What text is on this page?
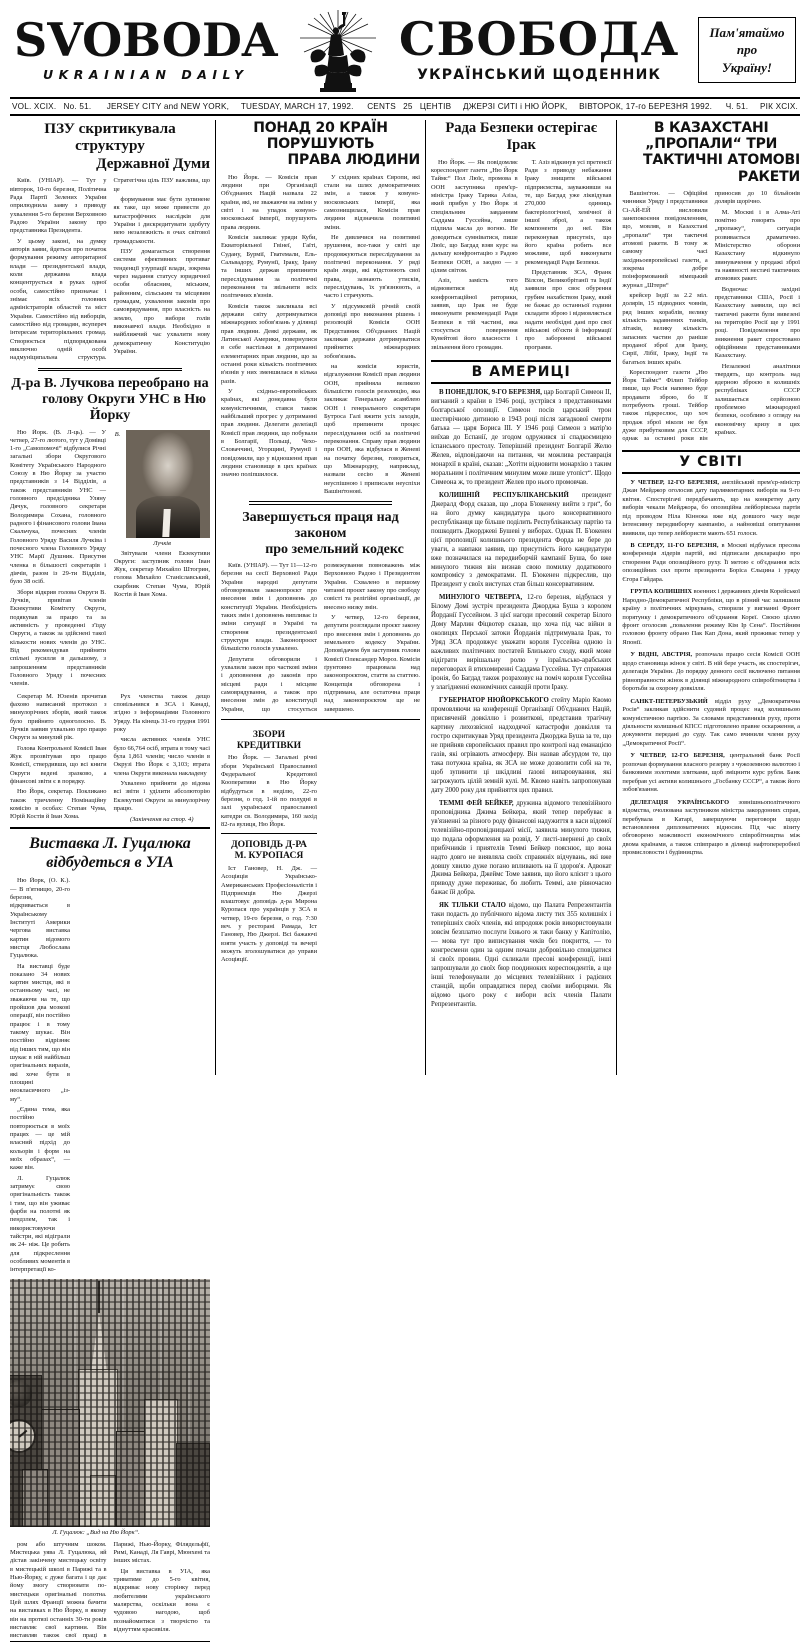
SVOBODA
UKRAINIAN DAILY
СВОБОДА
УКРАЇНСЬКИЙ ЩОДЕННИК
Пам'ятаймо
про
Україну!
VOL. XCIX. No. 51. JERSEY CITY and NEW YORK, TUESDAY, MARCH 17, 1992. CENTS 25 ЦЕНТІВ ДЖЕРЗІ СИТІ і НЮ ЙОРК, ВІВТОРОК, 17-го БЕРЕЗНЯ 1992. Ч. 51. РІК XCIX.
ПЗУ скритикувала структуру
Державної Думи

Київ. (УНІАР). — Тут у вівторок, 10-го березня, Політична Рада Партії Зелених України оприлюднила заяву з приводу ухвалення 5-го березня Верховною Радою України закону про представника Президента.

У цьому законі, на думку авторів заяви, йдеться про початок формування режиму авторитарної влади — президентської влади, коли державна влада концентрується в руках одної особи, самостійно призначає і знімає всіх головних адміністраторів областей та міст України. Самостійно від виборців, самостійно від громадян, всупереч інтересам територіяльних громад. Створюється підпорядкована виключно одній особі надмуніципальна структура. Стратегічна ціль ПЗУ важлива, що це

формування має бути зупинене як таке, що може привести до катастрофічних наслідків для України і дискредитувати здобуту нею незалежність в очах світової громадськости.

ПЗУ домагається створення системи ефективних противаг тенденції узурпації влади, зокрема через надання статусу юридичної особи обласним, міським, районним, сільським та місцевим громадам, ухвалення законів про самоврядування, про власність на землю, про вибори голів виконавчої влади. Необхідно в найближчий час ухвалити нову демократичну Конституцію України.

Д-ра В. Лучкова переобрано на
голову Округи УНС в Ню Йорку

Ню Йорк. (В. Л-ць). — У четвер, 27-го лютого, тут у Домівці 1-го „Самопомочі“ відбулися Річні загальні збори Округового Комітету Українського Народного Союзу в Ню Йорку за участю представників з 14 Відділів, а також представників УНС — головного предсідника Уляну Дячук, головного секретаря Володимира Сохана, головного радного і фінансового голови Івана Скальчука, почесних членів Головного Уряду Василя Лучківа і почесного члена Головного Уряду УНС Марії Душник. Присутня членка в більшості секретарів і діячів, разом із 29-ти Відділів, було 38 осіб.

Збори відкрив голова Округи В. Лучків, привітав членів Екзекутиви Комітету Округи, подякував за працю та за активність у проведенні з'їзду Округи, а також за здійснені такої кількости нових членів до УНС. Від рекомендував прийняти спільні зусилля в дальшому, з запрошенням представників Головного Уряду і почесних членів.

В. Лучків

Звітували члени Екзекутиви Округи: заступник голови Іван Жук, секретар Михайло Штогрин, голова Михайло Станіславський, скарбник Степан Чума, Юрій Костів й Іван Хома.

Секретар М. Юзенів прочитав фахово написаний протокол з минулорічних зборів, який також було прийнято одноголосно. В. Лучків заявив ухвально про працю Округи за минулий рік.

Голова Контрольної Комісії Іван Жук прозвітував про працю Комісії, ствердивши, що всі книги Округи ведені зразково, а фінансові звіти є в порядку.

Ню Йорк, секретар. Покликано також тричленну Номінаційну комісію в особах: Степан Чума, Юрій Костів й Іван Хома.

Рух членства також дещо сповільнився в ЗСА і Канаді, згідно з інформаціями Головного Уряду. На кінець 31-го грудня 1991 року

числа активних членів УНС було 66,764 осіб, втрата в тому часі була 1,861 членів; число членів в Окрузі Ню Йорк є 3,103; втрата члена Округи виконала накладену

Ухвалено прийняти до відома всі звіти і уділити абсолюторію Екзекутиві Округи за минулорічну працю.

(Закінчення на стор. 4)

Виставка Л. Гуцалюка відбудеться в УІА

Ню Йорк, (О. К.). — В п'ятницю, 20-го березня, відкривається в Українському Інституті Америки чергова виставка картин відомого мистця Любослава Гуцалюка.

На виставці буде показано 34 нових картин мистця, які в останньому часі, не зважаючи на те, що пройшов два мозкові операції, він постійно працює і в тому такому шукає. Він постійно відрізняє від інших тим, що він шукає в ній найбільш оригінальних виразів, які хоче бути в площині неокласичного „із- му“.

„Єдина тема, яка постійно повторюється в моїх працях — це мій власний підхід до кольорів і форм на моїх образах“, — каже він.

Л. Гуцалюк затримує свою оригінальність також і тим, що він уживає фарби на полотні як пендзлем, так і використовуючи тайстри, які відіграли як 24- ніж. Це робить для підкреслення особливих моментів в інтерпретації ко-

Л. Гуцалюк: „Вид на Ню Йорк“.

ром або штучним шоком. Мистецька уява Л. Гуцалюка, яй дістав закінчену мистецьку освіту в мистецькій школі в Парижі та в Нью-Йорку, є дуже багата і це дає йому змогу створювати по-мистецьки оригінальні полотна. Цей шлях Франції можна бачити на виставках в Ню Йорку, в якому він на протязі останніх 30-ти років виставляє свої картини. Він виставляв також свої праці в Парижі, Нью-Йорку, Філядельфії, Римі, Канаді, Ля Гаврі, Мюнхені та інших містах.

Ця виставка в УІА, яка триватиме до 5-го квітня, відкриває нову сторінку перед любителями українського малярства, оскільки вона є чудовою нагодою, щоб познайомитися з творчістю та віднуттям красивіля.

ПОНАД 20 КРАЇН ПОРУШУЮТЬ
ПРАВА ЛЮДИНИ

Ню Йорк. — Комісія прав людини при Організації Об'єднаних Націй назвала 22 країни, які, не зважаючи на зміни у світі і на упадок комуно-московської імперії, порушують права людини.

Комісія закликає уряди Куби, Екваторіяльної Гвінеї, Гаїті, Судану, Бурмії, Гватемали, Ель-Сальвадору, Румунії, Іраку, Ірану та інших держав припинити переслідування за політичні переконання та звільнити всіх політичних в'язнів.

Комісія також закликала всі держави світу дотримуватися міжнародних зобов'язань у ділянці прав людини. Деякі держави, як Латинської Америки, повернулися в себе настільки в дотриманні елементарних прав людини, що за останні роки кількість політичних в'язнів у них зменшилася в кілька разів.

У східньо-европейських країнах, які донедавна були комуністичними, стався також найбільший прогрес у дотриманні прав людини. Делегати делеґації Комісії прав людини, що побували в Болгарії, Польщі, Чехо-Словаччині, Угорщині, Румунії і повідомили, що у відношенні прав людини становище в цих країнах значно поліпшилося.

У східних країнах Європи, які стали на шлях демократичних змін, а також у комуно-московських імперії, яка самознищилася, Комісія прав людини відзначила позитивні зміни.

Не дивлячися на позитивні зрушення, все-таки у світі ще продовжуються переслідування за політичні переконання. У ряді країн люди, які відстоюють свої права, зазнають утисків, переслідувань, їх ув'язнюють, а часто і страчують.

У підсумковій річній своїй доповіді про виконання рішень і резолюцій Комісія ООН Представник Об'єднаних Націй закликав держави дотримуватися прийнятих міжнародних зобов'язань.

на комісія юристів, відгалуження Комісії прав людини ООН, прийняла великою більшістю голосів резолюцію, яка закликає Генеральну асамблею ООН і генерального секретаря Бутроса Галі вжити усіх заходів, щоб припинити процес переслідування осіб за політичні переконання. Справу прав людини при ООН, яка відбулася в Женеві на початку березня, говориться, що Міжнародну, наприклад, назвали сесію в Женеві неуспішною і приписали неуспіхи Вашінґтонові.

Завершується праця над законом
про земельний кодекс

Київ. (УНІАР). — Тут 11—12-го березня на сесії Верховної Ради України народні депутати обговорювали законопроєкт про внесення змін і доповнень до конституції України. Необхідність таких змін і доповнень випливає із зміни ситуації в Україні та створення президентської структури влади. Законопроєкт більшістю голосів ухвалено.

Депутати обговорили і ухвалили закон про часткові зміни і доповнення до законів про місцеві ради і місцеве самоврядування, а також про внесення змін до конституції України, що стосується розмежування повноважень між Верховною Радою і Президентом України. Схвалено в першому читанні проєкт закону про свободу совісті та релігійні організації, де внесено низку змін.

У четвер, 12-го березня, депутати розглядали проєкт закону про внесення змін і доповнень до земельного кодексу України. Доповідачем був заступник голови Комісії Олександер Мороз. Комісія ґрунтовно працювала над законопроєктом, стаття за статтею. Концепція обговорена і підтримана, але остаточна праця над законопроєктом ще не завершено.

ЗБОРИ КРЕДИТІВКИ

Ню Йорк. — Загальні річні збори Української Православної Федеральної Кредитової Кооперативи в Ню Йорку відбудуться в неділю, 22-го березня, о год. 1-ій по полудні в залі української православної катедри св. Володимира, 160 захід 82-га вулиця, Ню Йорк.

ДОПОВІДЬ Д-РА
М. КУРОПАСЯ

Іст Гановер, Н. Дж. — Асоціяція Українсько-Американських Професіоналістів і Підприємців Ню Джерзі влаштовує доповідь д-ра Мирона Куропася про українців у ЗСА в четвер, 19-го березня, о год. 7:30 веч. у ресторані Рамада, Іст Гановер, Ню Джерзі. Всі бажаючі взяти участь у доповіді та вечері можуть зголошуватися до управи Асоціяції.

Рада Безпеки остерігає Ірак

Ню Йорк. — Як повідомляє кореспондент газети „Ню Йорк Таймс“ Пол Люїс, промова в ООН заступника прем'єр-міністра Іраку Тарика Азіза, який прибув у Ню Йорк зі спеціяльним завданням Саддама Гуссейна, лише підлила масла до вогню. Не доводиться сумніватися, пише Люїс, що Багдад взяв курс на дальшу конфронтацію з Радою Безпеки ООН, а заодно — з цілим світом.

Азіз, замість того відмовитися від конфронтаційної риторики, заявив, що Ірак не буде виконувати рекомендації Ради Безпеки в тій частині, яка стосується повернення Кувейтові його власности і звільнення його громадян.

Т. Азіз відкинув усі претенсії Ради з приводу небажання Іраку знищити військові підприємства, зауваживши на те, що Багдад уже ліквідував 270,000 одиниць бактеріологічної, хемічної й іншої зброї, а також компоненти до неї. Він переконував присутніх, що його країна робить все можливе, щоб виконувати рекомендації Ради Безпеки.

Представник ЗСА, Франк Вілсон, Великобрітанії та Індії заявили про своє обурення грубим нахабством Іраку, який не бажає до останньої години складати зброю і відмовляється надати необхідні дані про свої військові об'єкти й інформації про заборонені військові програми.

В АМЕРИЦІ

В ПОНЕДІЛОК, 9-ГО БЕРЕЗНЯ, цар Болгарії Симеон II, вигнаний з країни в 1946 році, зустрівся з представниками болгарської опозиції. Симеон посів царський трон шестирічною дитиною в 1943 році після загадкової смерти батька — царя Бориса III. У 1946 році Симеон з матір'ю виїхав до Еспанії, де згодом одружився зі спадкоємицею іспанського престолу. Теперішній президент Болгарії Желю Желев, відповідаючи на питання, чи можлива реставрація монархії в країні, сказав: „Хотіти відновити монархію з таким моральним і політичним минулим може лише утопіст“. Щодо Симеона ж, то президент Желев про нього промовчав.

КОЛИШНІЙ РЕСПУБЛІКАНСЬКИЙ президент Джералд Форд сказав, що „пора Б'юкенену вийти з гри“, бо на його думку кандидатура цього консервативного республіканця ще більше поділить Республіканську партію та пошкодить Джорджеві Бушеві у виборах. Однак П. Б'юкенен цієї пропозиції колишнього президента Форда не бере до уваги, а навпаки заявив, що присутність його кандидатури вже позначилася на передвиборчій кампанії Буша, бо вже минулого тижня він визнав свою помилку додаткового компромісу з демократами. П. Б'юкенен підкреслив, що Президент у своїх виступах став більш консервативним.

МИНУЛОГО ЧЕТВЕРГА, 12-го березня, відбулася у Білому Домі зустріч президента Джорджа Буша з королем Йорданії Гуссейном. З цієї нагоди пресовий секретар Білого Дому Марлин Фіцвотер сказав, що хоча під час війни в околицях Перської затоки Йорданія підтримувала Ірак, то Уряд ЗСА продовжує уважати короля Гуссейна одною із важливих політичних постатей Близького сходу, який може відіграти вирішальну ролю у ізраїльсько-арабських переговорах й втихомиренні Саддама Гуссейна. Тут справжня іронія, бо Багдад також розраховує на поміч короля Гуссейна у злагідненні економічних санкцій проти Іраку.

ГУБЕРНАТОР НЮЙОРКСЬКОГО стейту Маріо Квомо промовляючи на конференції Організації Об'єднаних Націй, присвяченій довкіллю і розвиткові, представив трагічну картину лихозвісної надходячої катастрофи довкілля та гостро скритикував Уряд президента Джорджа Буша за те, що не прийняв європейських правил про контролі над еманацією газів, які огрівають атмосферу. Він назвав абсурдом те, що така потужна країна, як ЗСА не може дозволити собі на те, щоб зупинити ці шкідливі ґазові випаровування, які загрожують цілій земній кулі. М. Квомо навіть запропонував дату 2000 року для прийняття цих правил.

ТЕММІ ФЕЙ БЕЙКЕР, дружина відомого телевізійного проповідника Джима Бейкера, який тепер перебуває в ув'язненні за різного роду фінансові надужиття в каси відомої телевізійно-проповідницької місії, заявила минулого тижня, що подала оформлення на розвід. У листі-звернені до своїх прибічників і приятелів Теммі Бейкер пояснює, що вона надто довго не виявляла своїх справжніх відчувань, які вже довшу хвилю дуже погано впливають на її здоров'я. Адвокат Джима Бейкера, Джеймс Томе заявив, що його клієнт з цього приводу дуже переживає, бо любить Теммі, але рівночасно бажає їй добра.

ЯК ТІЛЬКИ СТАЛО відомо, що Палата Репрезентантів таки подасть до публічного відома листу тих 355 колишніх і теперішніх своїх членів, які впродовж років використовували зовсім безплатно послуги їхнього ж таки банку у Капітолію, — мова тут про виписування чеків без покриття, — то конгресмени один за одним почали добровільно сповідатися зі своїх провин. Одні скликали пресові конференції, інші запрошували до своїх бюр поодиноких кореспондентів, а ще інші телефонували до місцевих телевізійних і радієвих станцій, щоби оправдатися перед своїми виборцями. Як відомо цього року є вибори всіх членів Палати Репрезентантів.

В КАЗАХСТАНІ „ПРОПАЛИ“ ТРИ
ТАКТИЧНІ АТОМОВІ РАКЕТИ

Вашінґтон. — Офіційні чинники Уряду і представники Сі-АЙ-ЕЙ висловили занепокоєння повідомленням, що, мовляв, в Казахстані „пропали“ три тактичні атомові ракети. В тому ж самому часі західньоевропейські газети, а зокрема добре поінформований німецький журнал „Штерн“

крейсер Індії за 2.2 міл. долярів, 15 підводних човнів, ряд інших кораблів, велику кількість задавнених танків, літаків, велику кількість запасних частин до раніше проданої зброї для Ірану, Сирії, Лібії, Іраку, Індії та багатьох інших країн.

Кореспондент газети „Ню Йорк Таймс“ Філип Тейбор пише, що Росія напевно буде продавати зброю, бо її потребують гроші. Тейбор також підкреслює, що хоч продаж зброї ніколи не був дуже прибутковим для СССР, однак за останні роки він приносив до 10 більйонів долярів щорічно.

М. Москві і в Алма-Аті помітно говорять про „пропажу“, ситуація розвивається драматично. Міністерство оборони Казахстану відкинуло звинувачення у продажі зброї та наявності нестачі тактичних атомових ракет.

Водночас західні представники США, Росії і Казахстану заявили, що всі тактичні ракети були вивезені на територію Росії ще у 1991 році. Повідомлення про зникнення ракет спростовано офіційними представниками Казахстану.

Незалежні аналітики твердять, що контроль над ядерною зброєю в колишніх республіках СССР залишається серйозною проблемою міжнародної безпеки, особливо з огляду на економічну кризу в цих країнах.

У СВІТІ

У ЧЕТВЕР, 12-ГО БЕРЕЗНЯ, англійський прем'єр-міністр Джан Мейджор оголосив дату парляментарних виборів на 9-го квітня. Спостерігачі передбачають, що на конкретну дату виборів чекали Мейджора, бо опозиційна лейборівська партія під проводом Ніла Кіннока вже від довшого часу веде інтенсивну передвиборчу кампанію, а найновіші опитування виявили, що тепер лейбористи мають 651 голоси.

В СЕРЕДУ, 11-ГО БЕРЕЗНЯ, в Москві відбулася пресова конференція лідерів партій, які підписали декларацію про створення Ради опозиційного руху. Її метою є об'єднання всіх опозиційних сил проти президента Боріса Єльцина і уряду Єгора Гайдара.

ГРУПА КОЛИШНІХ военних і державних діячів Корейської Народно-Демократичної Республіки, що в різний час залишили країну з політичних міркувань, створили у вигнанні Фронт порятунку і демократичного об'єднання Кореї. Своєю ціллю фронт оголосив „повалення режиму Кім Ір Сена“. Постійним головою фронту обрано Пак Кап Дона, який проживає тепер у Японії.

У ВІДНІ, АВСТРІЯ, розпочала працю сесія Комісії ООН щодо становища жінок у світі. В ній бере участь, як спостерігач, делегація України. До порядку денного сесії включено питання рівноправности жінок в ділянці міжнародного співробітництва і боротьби за охорону довкілля.

САНКТ-ПЕТЕРБУЗЬКИЙ відділ руху „Демократична Росія“ закликав здійснити судовий процес над колишньою комуністичною партією. За словами представників руху, проти діяльности колишньої КПСС підготовлено правне оскарження, а документи передані до суду. Так само вчинили члени руху „Демократичної Росії“.

У ЧЕТВЕР, 12-ГО БЕРЕЗНЯ, центральний банк Росії розпочав формування власного резерву з чужоземною валютою і банковими золотими злитками, щоб зміцнити курс рубля. Банк перебрав усі активи колишнього „Госбанку СССР“, а також його зобов'язання.

ДЕЛЕГАЦІЯ УКРАЇНСЬКОГО зовнішньополітичного відомства, очолювана заступником міністра закордонних справ, перебувала в Катарі, завершуючи переговори щодо встановлення дипломатичних відносин. Під час візиту обговорено можливості економічного співробітництва між двома країнами, а також співпрацю в ділянці нафтопереробної промисловости і будівництва.
